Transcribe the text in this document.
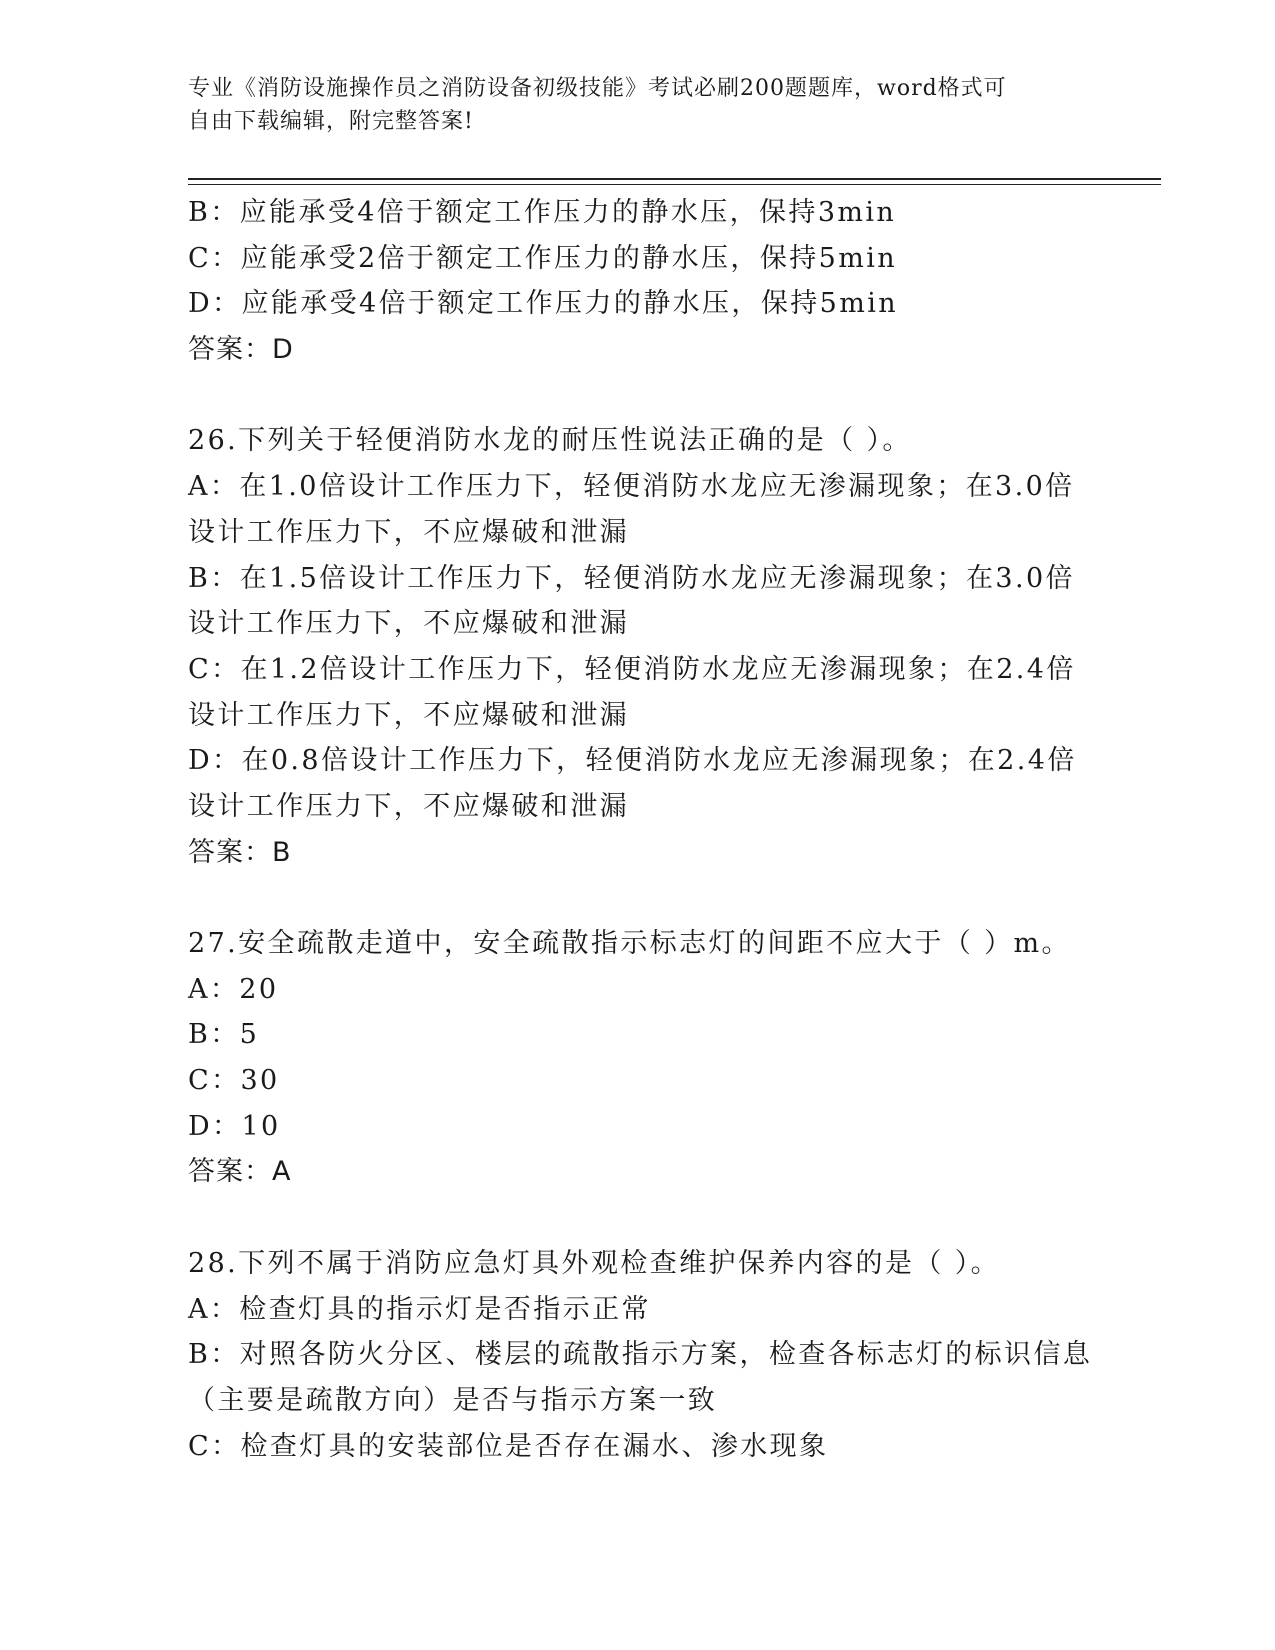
专业《消防设施操作员之消防设备初级技能》考试必刷200题题库，word格式可
自由下载编辑，附完整答案!
B：应能承受4倍于额定工作压力的静水压，保持3min
C：应能承受2倍于额定工作压力的静水压，保持5min
D：应能承受4倍于额定工作压力的静水压，保持5min
答案：D
26.下列关于轻便消防水龙的耐压性说法正确的是（ ）。
A：在1.0倍设计工作压力下，轻便消防水龙应无渗漏现象；在3.0倍
设计工作压力下，不应爆破和泄漏
B：在1.5倍设计工作压力下，轻便消防水龙应无渗漏现象；在3.0倍
设计工作压力下，不应爆破和泄漏
C：在1.2倍设计工作压力下，轻便消防水龙应无渗漏现象；在2.4倍
设计工作压力下，不应爆破和泄漏
D：在0.8倍设计工作压力下，轻便消防水龙应无渗漏现象；在2.4倍
设计工作压力下，不应爆破和泄漏
答案：B
27.安全疏散走道中，安全疏散指示标志灯的间距不应大于（ ）m。
A：20
B：5
C：30
D：10
答案：A
28.下列不属于消防应急灯具外观检查维护保养内容的是（ ）。
A：检查灯具的指示灯是否指示正常
B：对照各防火分区、楼层的疏散指示方案，检查各标志灯的标识信息
（主要是疏散方向）是否与指示方案一致
C：检查灯具的安装部位是否存在漏水、渗水现象
